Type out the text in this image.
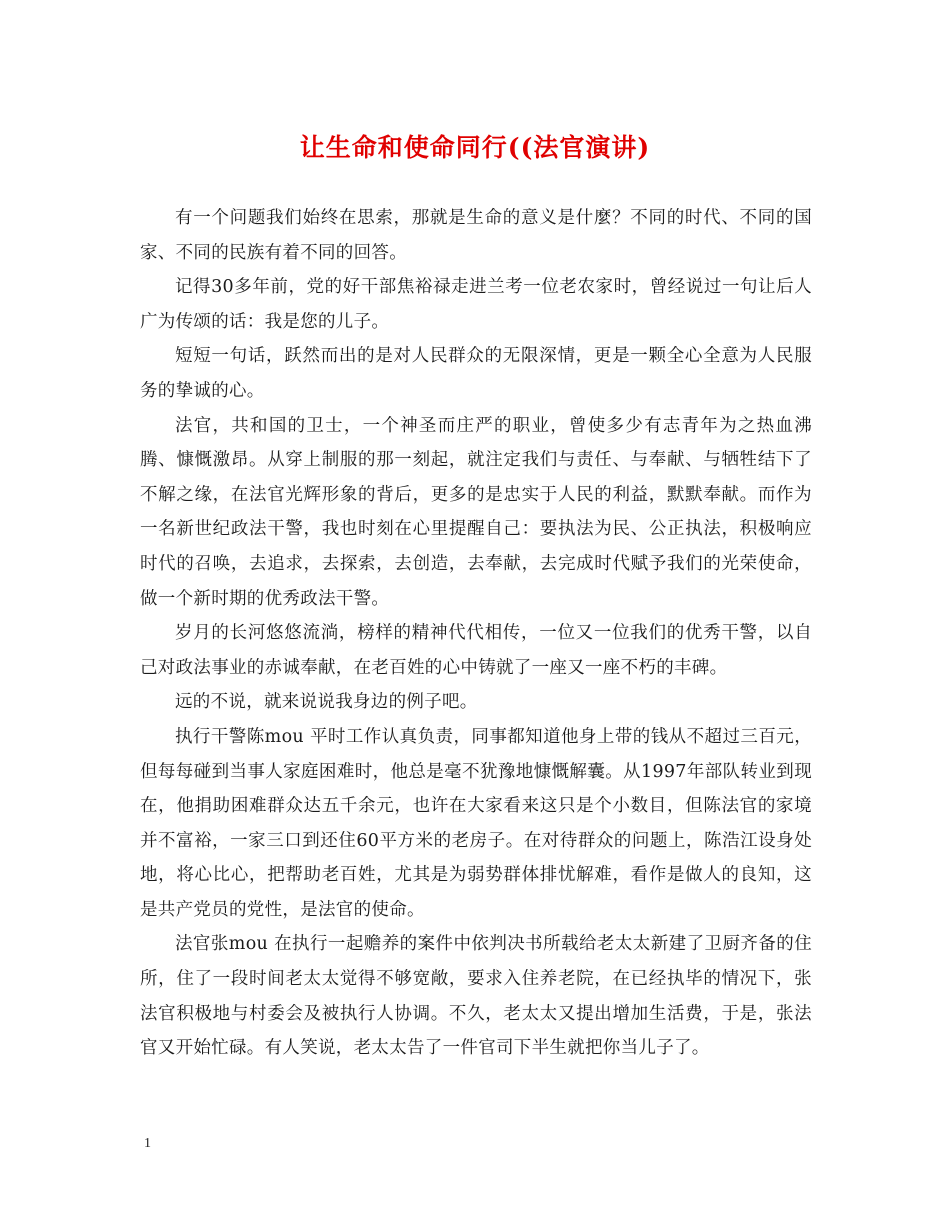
让生命和使命同行((法官演讲)

有一个问题我们始终在思索，那就是生命的意义是什麼？不同的时代、不同的国家、不同的民族有着不同的回答。

记得30多年前，党的好干部焦裕禄走进兰考一位老农家时，曾经说过一句让后人广为传颂的话：我是您的儿子。

短短一句话，跃然而出的是对人民群众的无限深情，更是一颗全心全意为人民服务的挚诚的心。

法官，共和国的卫士，一个神圣而庄严的职业，曾使多少有志青年为之热血沸腾、慷慨激昂。从穿上制服的那一刻起，就注定我们与责任、与奉献、与牺牲结下了不解之缘，在法官光辉形象的背后，更多的是忠实于人民的利益，默默奉献。而作为一名新世纪政法干警，我也时刻在心里提醒自己：要执法为民、公正执法，积极响应时代的召唤，去追求，去探索，去创造，去奉献，去完成时代赋予我们的光荣使命，做一个新时期的优秀政法干警。

岁月的长河悠悠流淌，榜样的精神代代相传，一位又一位我们的优秀干警，以自己对政法事业的赤诚奉献，在老百姓的心中铸就了一座又一座不朽的丰碑。

远的不说，就来说说我身边的例子吧。

执行干警陈mou 平时工作认真负责，同事都知道他身上带的钱从不超过三百元，但每每碰到当事人家庭困难时，他总是毫不犹豫地慷慨解囊。从1997年部队转业到现在，他捐助困难群众达五千余元，也许在大家看来这只是个小数目，但陈法官的家境并不富裕，一家三口到还住60平方米的老房子。在对待群众的问题上，陈浩江设身处地，将心比心，把帮助老百姓，尤其是为弱势群体排忧解难，看作是做人的良知，这是共产党员的党性，是法官的使命。

法官张mou 在执行一起赡养的案件中依判决书所载给老太太新建了卫厨齐备的住所，住了一段时间老太太觉得不够宽敞，要求入住养老院，在已经执毕的情况下，张法官积极地与村委会及被执行人协调。不久，老太太又提出增加生活费，于是，张法官又开始忙碌。有人笑说，老太太告了一件官司下半生就把你当儿子了。

1
